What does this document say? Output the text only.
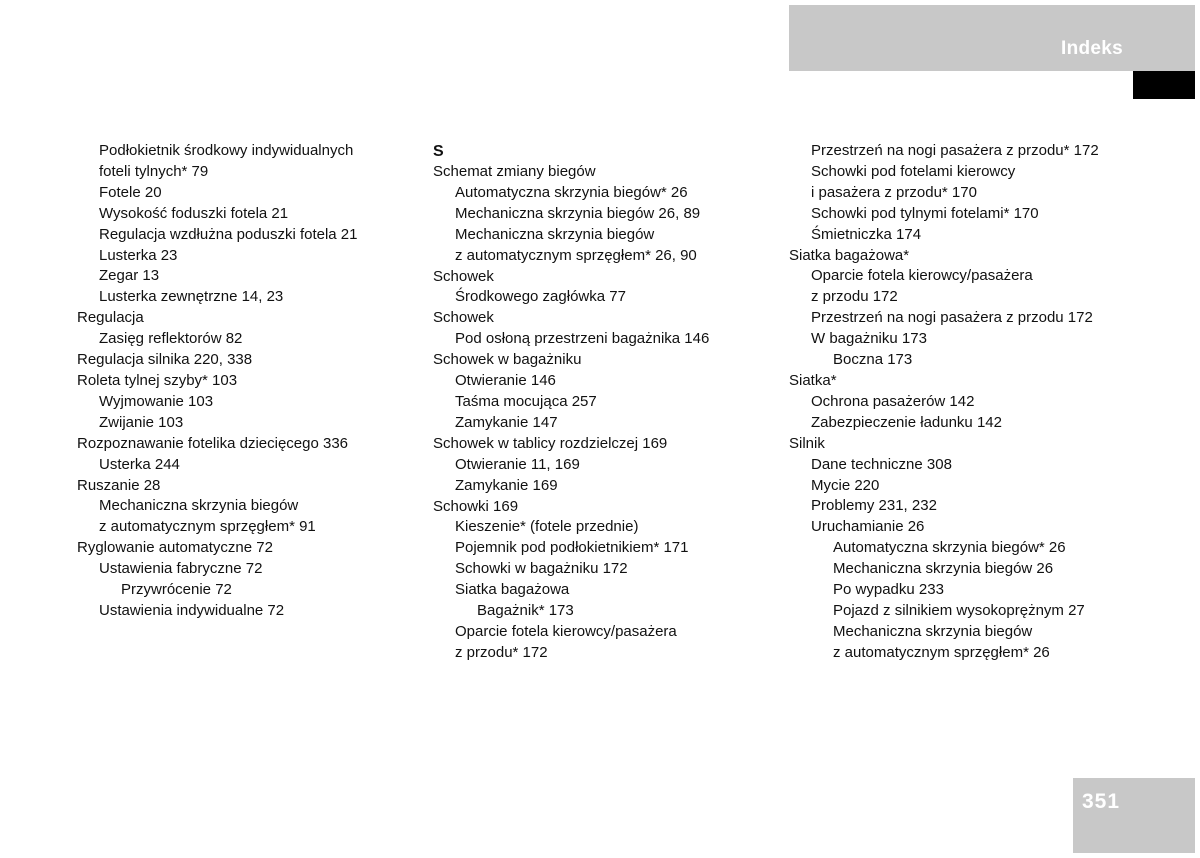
Indeks
Podłokietnik środkowy indywidualnych
foteli tylnych* 79
Fotele 20
Wysokość foduszki fotela 21
Regulacja wzdłużna poduszki fotela 21
Lusterka 23
Zegar 13
Lusterka zewnętrzne 14, 23
Regulacja
Zasięg reflektorów 82
Regulacja silnika 220, 338
Roleta tylnej szyby* 103
Wyjmowanie 103
Zwijanie 103
Rozpoznawanie fotelika dziecięcego 336
Usterka 244
Ruszanie 28
Mechaniczna skrzynia biegów
z automatycznym sprzęgłem* 91
Ryglowanie automatyczne 72
Ustawienia fabryczne 72
Przywrócenie 72
Ustawienia indywidualne 72
S
Schemat zmiany biegów
Automatyczna skrzynia biegów* 26
Mechaniczna skrzynia biegów 26, 89
Mechaniczna skrzynia biegów
z automatycznym sprzęgłem* 26, 90
Schowek
Środkowego zagłówka 77
Schowek
Pod osłoną przestrzeni bagażnika 146
Schowek w bagażniku
Otwieranie 146
Taśma mocująca 257
Zamykanie 147
Schowek w tablicy rozdzielczej 169
Otwieranie 11, 169
Zamykanie 169
Schowki 169
Kieszenie* (fotele przednie)
Pojemnik pod podłokietnikiem* 171
Schowki w bagażniku 172
Siatka bagażowa
Bagażnik* 173
Oparcie fotela kierowcy/pasażera
z przodu* 172
Przestrzeń na nogi pasażera z przodu* 172
Schowki pod fotelami kierowcy
i pasażera z przodu* 170
Schowki pod tylnymi fotelami* 170
Śmietniczka 174
Siatka bagażowa*
Oparcie fotela kierowcy/pasażera
z przodu 172
Przestrzeń na nogi pasażera z przodu 172
W bagażniku 173
Boczna 173
Siatka*
Ochrona pasażerów 142
Zabezpieczenie ładunku 142
Silnik
Dane techniczne 308
Mycie 220
Problemy 231, 232
Uruchamianie 26
Automatyczna skrzynia biegów* 26
Mechaniczna skrzynia biegów 26
Po wypadku 233
Pojazd z silnikiem wysokoprężnym 27
Mechaniczna skrzynia biegów
z automatycznym sprzęgłem* 26
351
